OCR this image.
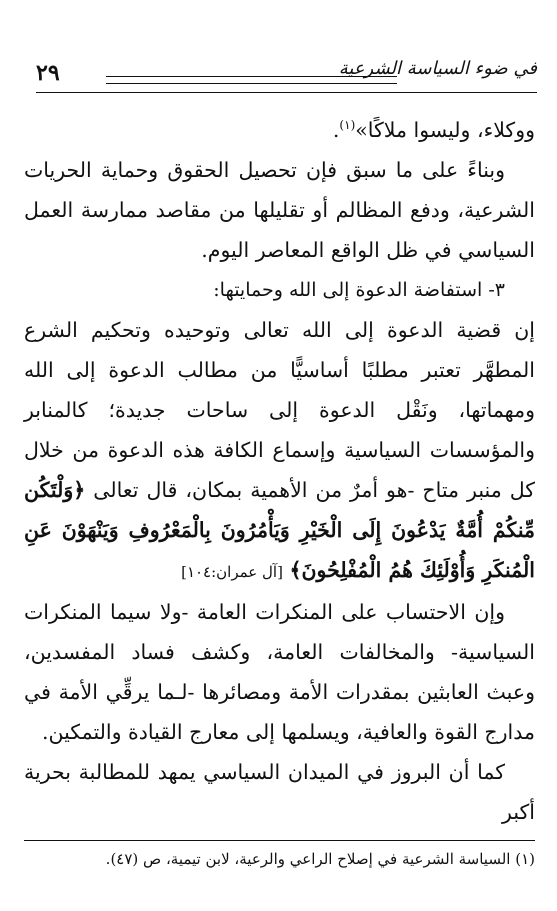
٢٩	في ضوء السياسة الشرعية

ووكلاء، وليسوا ملاكًا»$^{(١)}$.

وبناءً على ما سبق فإن تحصيل الحقوق وحماية الحريات الشرعية، ودفع المظالم أو تقليلها من مقاصد ممارسة العمل السياسي في ظل الواقع المعاصر اليوم.

٣- استفاضة الدعوة إلى الله وحمايتها:

إن قضية الدعوة إلى الله تعالى وتوحيده وتحكيم الشرع المطهَّر تعتبر مطلبًا أساسيًّا من مطالب الدعوة إلى الله ومهماتها، ونَقْل الدعوة إلى ساحات جديدة؛ كالمنابر والمؤسسات السياسية وإسماع الكافة هذه الدعوة من خلال كل منبر متاح -هو أمرٌ من الأهمية بمكان، قال تعالى ﴿وَلْتَكُن مِّنكُمْ أُمَّةٌ يَدْعُونَ إِلَى الْخَيْرِ وَيَأْمُرُونَ بِالْمَعْرُوفِ وَيَنْهَوْنَ عَنِ الْمُنكَرِ وَأُوْلَئِكَ هُمُ الْمُفْلِحُونَ﴾ [آل عمران:١٠٤]

وإن الاحتساب على المنكرات العامة -ولا سيما المنكرات السياسية- والمخالفات العامة، وكشف فساد المفسدين، وعبث العابثين بمقدرات الأمة ومصائرها -لـما يرقِّي الأمة في مدارج القوة والعافية، ويسلمها إلى معارج القيادة والتمكين.

كما أن البروز في الميدان السياسي يمهد للمطالبة بحرية أكبر

(١) السياسة الشرعية في إصلاح الراعي والرعية، لابن تيمية، ص (٤٧).
